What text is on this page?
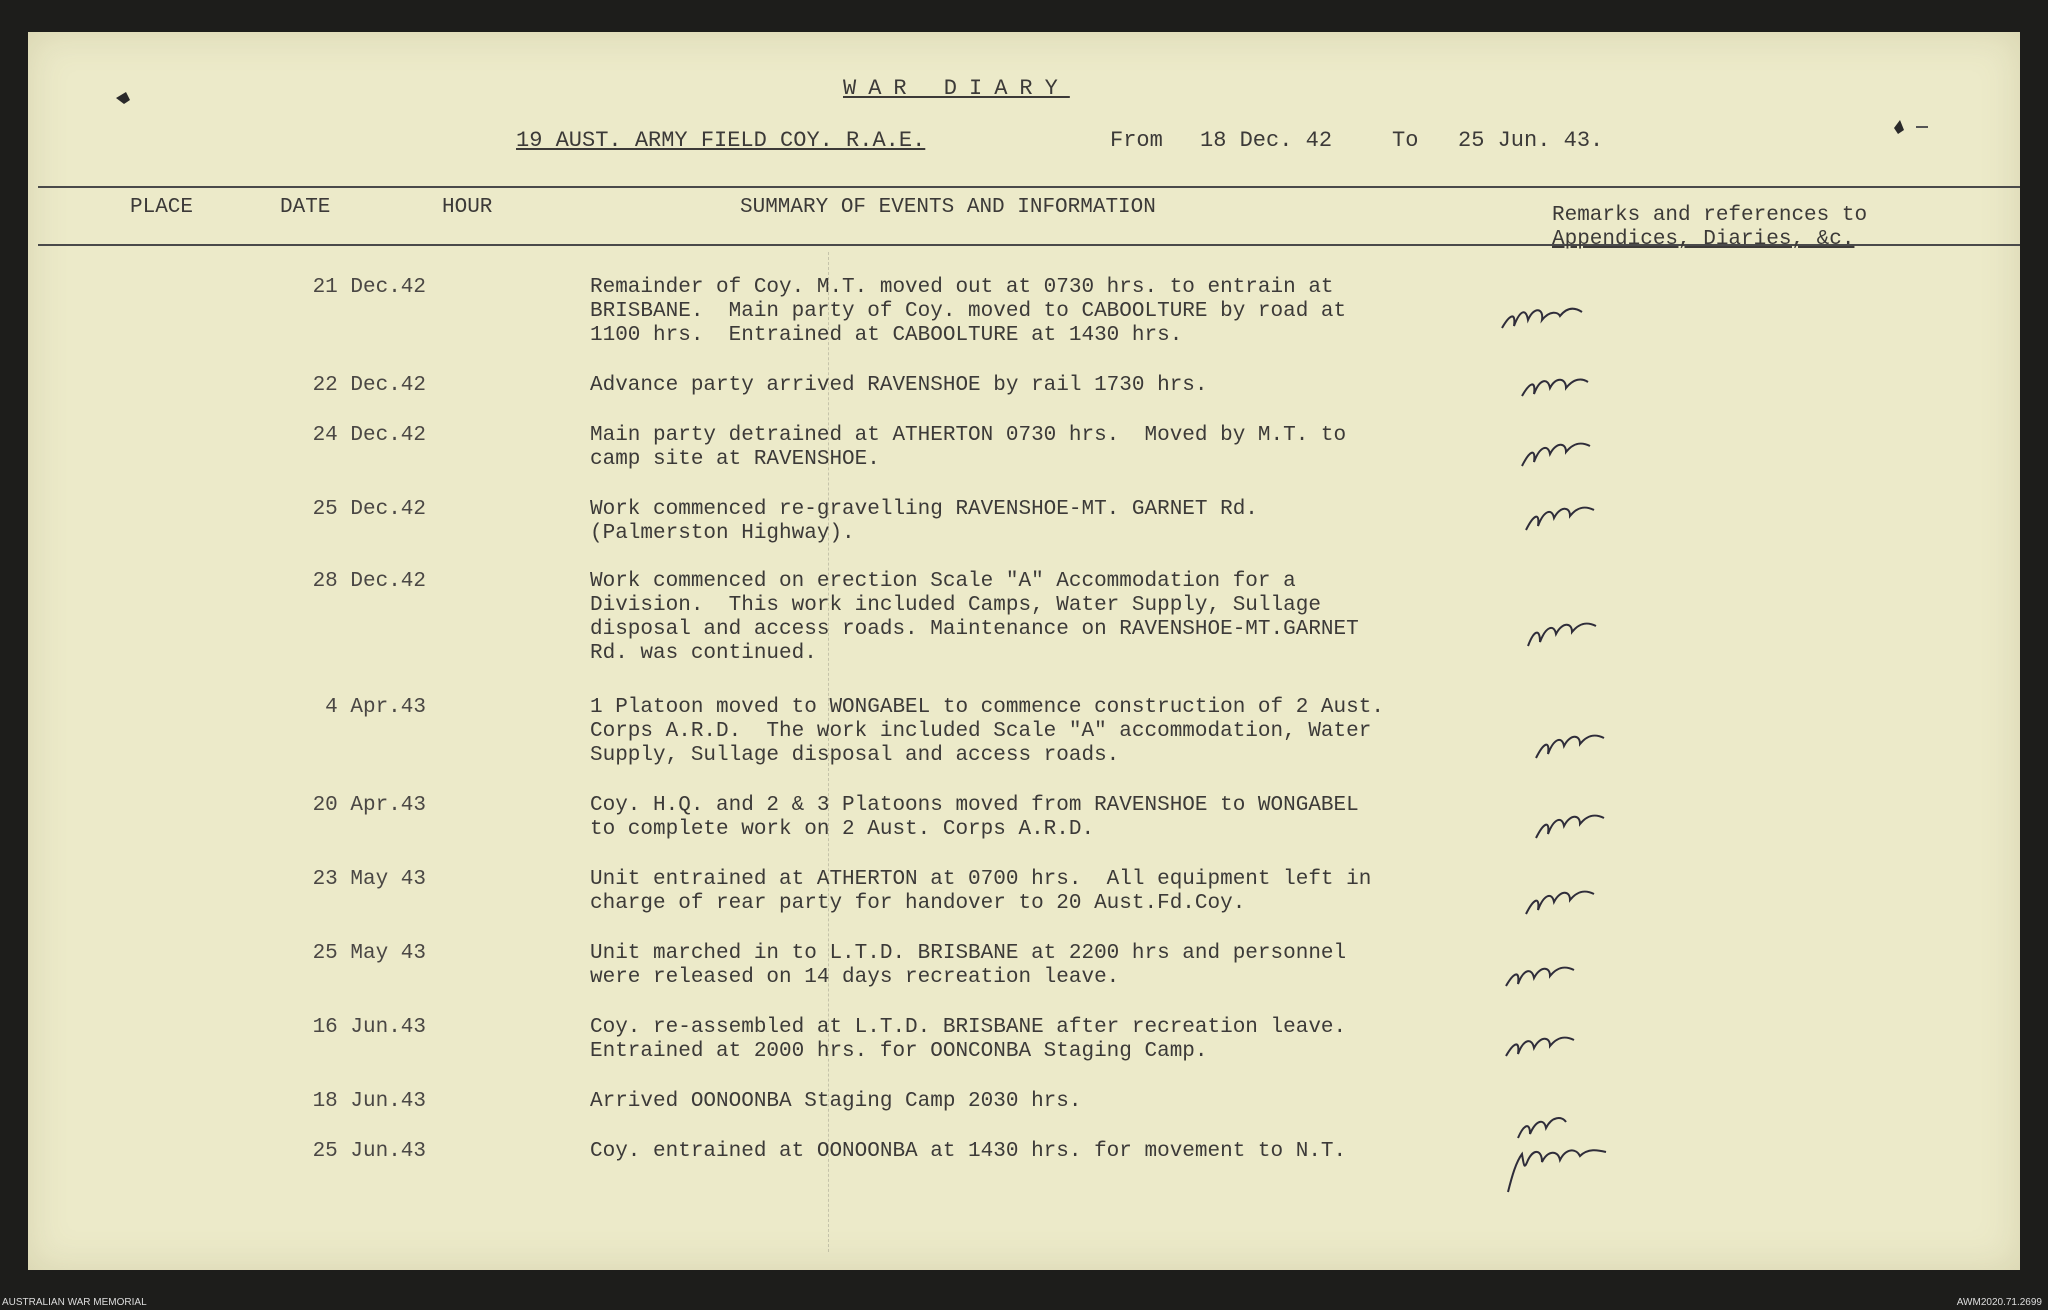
WAR DIARY
19 AUST. ARMY FIELD COY. R.A.E.	From 18 Dec. 42	To 25 Jun. 43.
PLACE	DATE	HOUR	SUMMARY OF EVENTS AND INFORMATION	Remarks and references to
Appendices, Diaries, &c.
21 Dec.42	Remainder of Coy. M.T. moved out at 0730 hrs. to entrain at
BRISBANE.  Main party of Coy. moved to CABOOLTURE by road at
1100 hrs.  Entrained at CABOOLTURE at 1430 hrs.
22 Dec.42	Advance party arrived RAVENSHOE by rail 1730 hrs.
24 Dec.42	Main party detrained at ATHERTON 0730 hrs.  Moved by M.T. to
camp site at RAVENSHOE.
25 Dec.42	Work commenced re-gravelling RAVENSHOE-MT. GARNET Rd.
(Palmerston Highway).
28 Dec.42	Work commenced on erection Scale "A" Accommodation for a
Division.  This work included Camps, Water Supply, Sullage
disposal and access roads. Maintenance on RAVENSHOE-MT.GARNET
Rd. was continued.
4 Apr.43	1 Platoon moved to WONGABEL to commence construction of 2 Aust.
Corps A.R.D.  The work included Scale "A" accommodation, Water
Supply, Sullage disposal and access roads.
20 Apr.43	Coy. H.Q. and 2 & 3 Platoons moved from RAVENSHOE to WONGABEL
to complete work on 2 Aust. Corps A.R.D.
23 May 43	Unit entrained at ATHERTON at 0700 hrs.  All equipment left in
charge of rear party for handover to 20 Aust.Fd.Coy.
25 May 43	Unit marched in to L.T.D. BRISBANE at 2200 hrs and personnel
were released on 14 days recreation leave.
16 Jun.43	Coy. re-assembled at L.T.D. BRISBANE after recreation leave.
Entrained at 2000 hrs. for OONCONBA Staging Camp.
18 Jun.43	Arrived OONOONBA Staging Camp 2030 hrs.
25 Jun.43	Coy. entrained at OONOONBA at 1430 hrs. for movement to N.T.
AUSTRALIAN WAR MEMORIAL	AWM2020.71.2699
